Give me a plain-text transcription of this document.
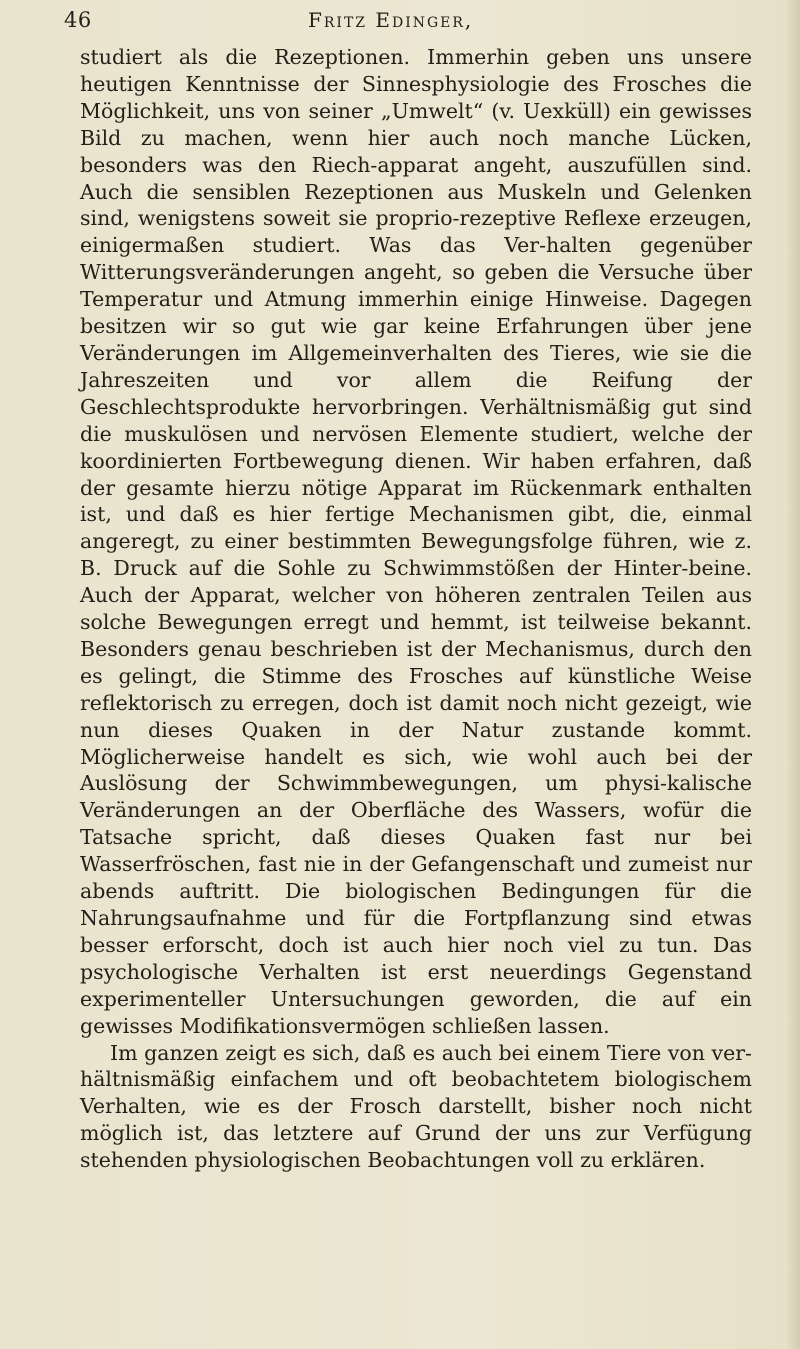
46	Fritz Edinger,

studiert als die Rezeptionen. Immerhin geben uns unsere heutigen Kenntnisse der Sinnesphysiologie des Frosches die Möglichkeit, uns von seiner „Umwelt“ (v. Uexküll) ein gewisses Bild zu machen, wenn hier auch noch manche Lücken, besonders was den Riech-apparat angeht, auszufüllen sind. Auch die sensiblen Rezeptionen aus Muskeln und Gelenken sind, wenigstens soweit sie proprio-rezeptive Reflexe erzeugen, einigermaßen studiert. Was das Ver-halten gegenüber Witterungsveränderungen angeht, so geben die Versuche über Temperatur und Atmung immerhin einige Hinweise. Dagegen besitzen wir so gut wie gar keine Erfahrungen über jene Veränderungen im Allgemeinverhalten des Tieres, wie sie die Jahreszeiten und vor allem die Reifung der Geschlechtsprodukte hervorbringen. Verhältnismäßig gut sind die muskulösen und nervösen Elemente studiert, welche der koordinierten Fortbewegung dienen. Wir haben erfahren, daß der gesamte hierzu nötige Apparat im Rückenmark enthalten ist, und daß es hier fertige Mechanismen gibt, die, einmal angeregt, zu einer bestimmten Bewegungsfolge führen, wie z. B. Druck auf die Sohle zu Schwimmstößen der Hinter-beine. Auch der Apparat, welcher von höheren zentralen Teilen aus solche Bewegungen erregt und hemmt, ist teilweise bekannt. Besonders genau beschrieben ist der Mechanismus, durch den es gelingt, die Stimme des Frosches auf künstliche Weise reflektorisch zu erregen, doch ist damit noch nicht gezeigt, wie nun dieses Quaken in der Natur zustande kommt. Möglicherweise handelt es sich, wie wohl auch bei der Auslösung der Schwimmbewegungen, um physi-kalische Veränderungen an der Oberfläche des Wassers, wofür die Tatsache spricht, daß dieses Quaken fast nur bei Wasserfröschen, fast nie in der Gefangenschaft und zumeist nur abends auftritt. Die biologischen Bedingungen für die Nahrungsaufnahme und für die Fortpflanzung sind etwas besser erforscht, doch ist auch hier noch viel zu tun. Das psychologische Verhalten ist erst neuerdings Gegenstand experimenteller Untersuchungen geworden, die auf ein gewisses Modifikationsvermögen schließen lassen.

Im ganzen zeigt es sich, daß es auch bei einem Tiere von ver-hältnismäßig einfachem und oft beobachtetem biologischem Verhalten, wie es der Frosch darstellt, bisher noch nicht möglich ist, das letztere auf Grund der uns zur Verfügung stehenden physiologischen Beobachtungen voll zu erklären.
